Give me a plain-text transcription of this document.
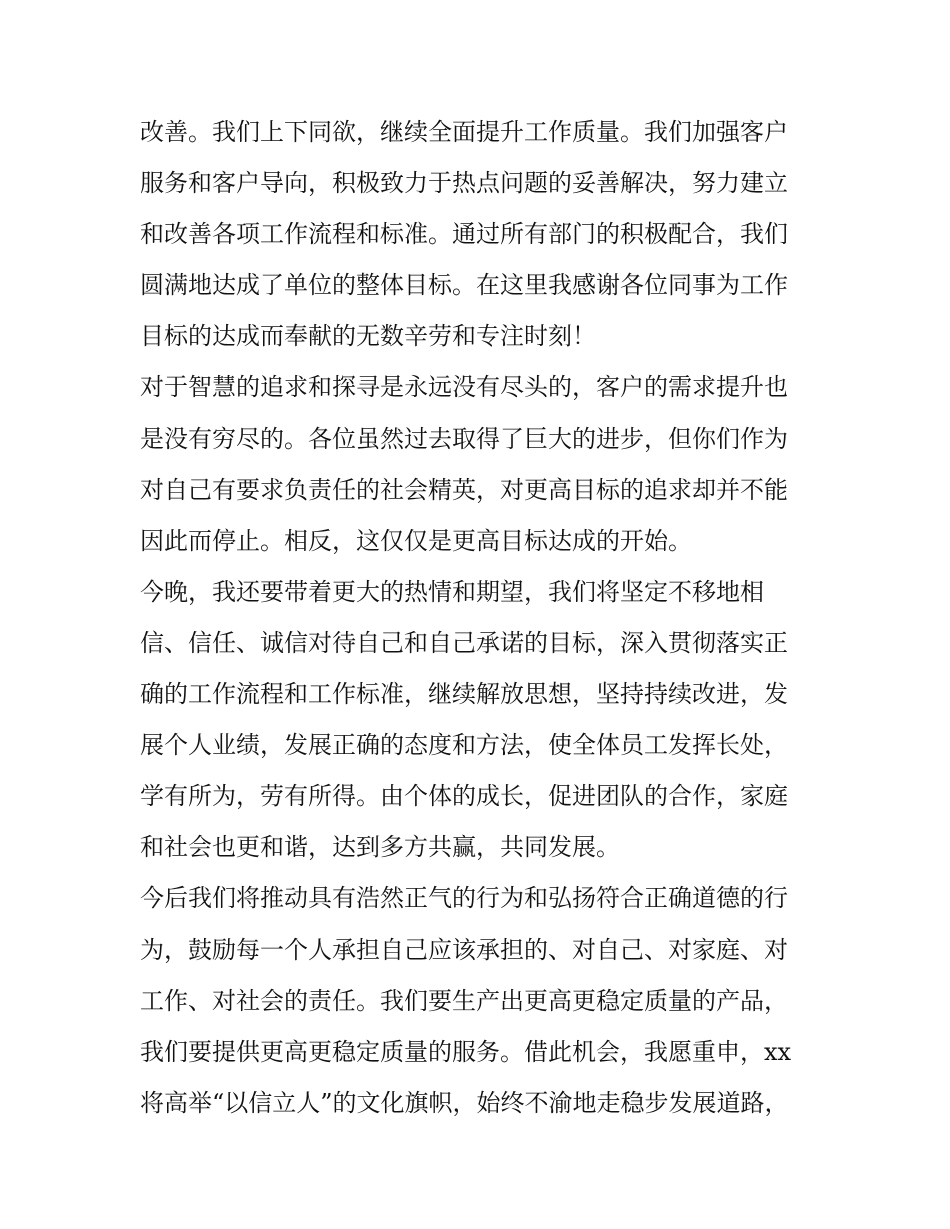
改善。我们上下同欲，继续全面提升工作质量。我们加强客户
服务和客户导向，积极致力于热点问题的妥善解决，努力建立
和改善各项工作流程和标准。通过所有部门的积极配合，我们
圆满地达成了单位的整体目标。在这里我感谢各位同事为工作
目标的达成而奉献的无数辛劳和专注时刻！
对于智慧的追求和探寻是永远没有尽头的，客户的需求提升也
是没有穷尽的。各位虽然过去取得了巨大的进步，但你们作为
对自己有要求负责任的社会精英，对更高目标的追求却并不能
因此而停止。相反，这仅仅是更高目标达成的开始。
今晚，我还要带着更大的热情和期望，我们将坚定不移地相
信、信任、诚信对待自己和自己承诺的目标，深入贯彻落实正
确的工作流程和工作标准，继续解放思想，坚持持续改进，发
展个人业绩，发展正确的态度和方法，使全体员工发挥长处，
学有所为，劳有所得。由个体的成长，促进团队的合作，家庭
和社会也更和谐，达到多方共赢，共同发展。
今后我们将推动具有浩然正气的行为和弘扬符合正确道德的行
为，鼓励每一个人承担自己应该承担的、对自己、对家庭、对
工作、对社会的责任。我们要生产出更高更稳定质量的产品，
我们要提供更高更稳定质量的服务。借此机会，我愿重申，xx
将高举“以信立人”的文化旗帜，始终不渝地走稳步发展道路，
